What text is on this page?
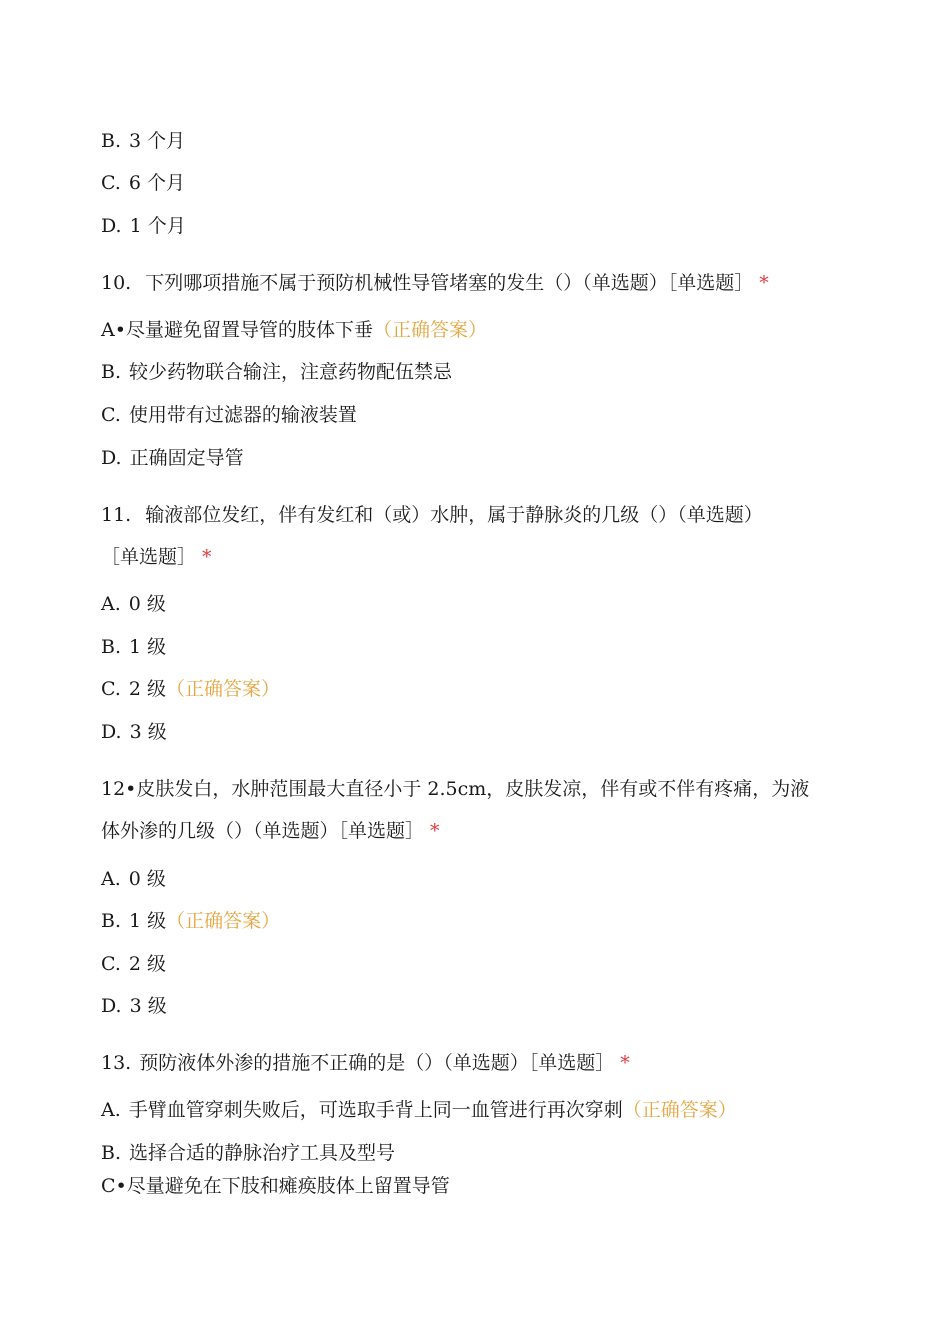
B. 3 个月
C. 6 个月
D. 1 个月
10. 下列哪项措施不属于预防机械性导管堵塞的发生（）（单选题）［单选题］ *
A•尽量避免留置导管的肢体下垂（正确答案）
B. 较少药物联合输注，注意药物配伍禁忌
C. 使用带有过滤器的输液装置
D. 正确固定导管
11. 输液部位发红，伴有发红和（或）水肿，属于静脉炎的几级（）（单选题）
［单选题］ *
A. 0 级
B. 1 级
C. 2 级（正确答案）
D. 3 级
12•皮肤发白，水肿范围最大直径小于 2.5cm，皮肤发凉，伴有或不伴有疼痛，为液
体外渗的几级（）（单选题）［单选题］ *
A. 0 级
B. 1 级（正确答案）
C. 2 级
D. 3 级
13. 预防液体外渗的措施不正确的是（）（单选题）［单选题］ *
A. 手臂血管穿刺失败后，可选取手背上同一血管进行再次穿刺（正确答案）
B. 选择合适的静脉治疗工具及型号
C•尽量避免在下肢和瘫痪肢体上留置导管
